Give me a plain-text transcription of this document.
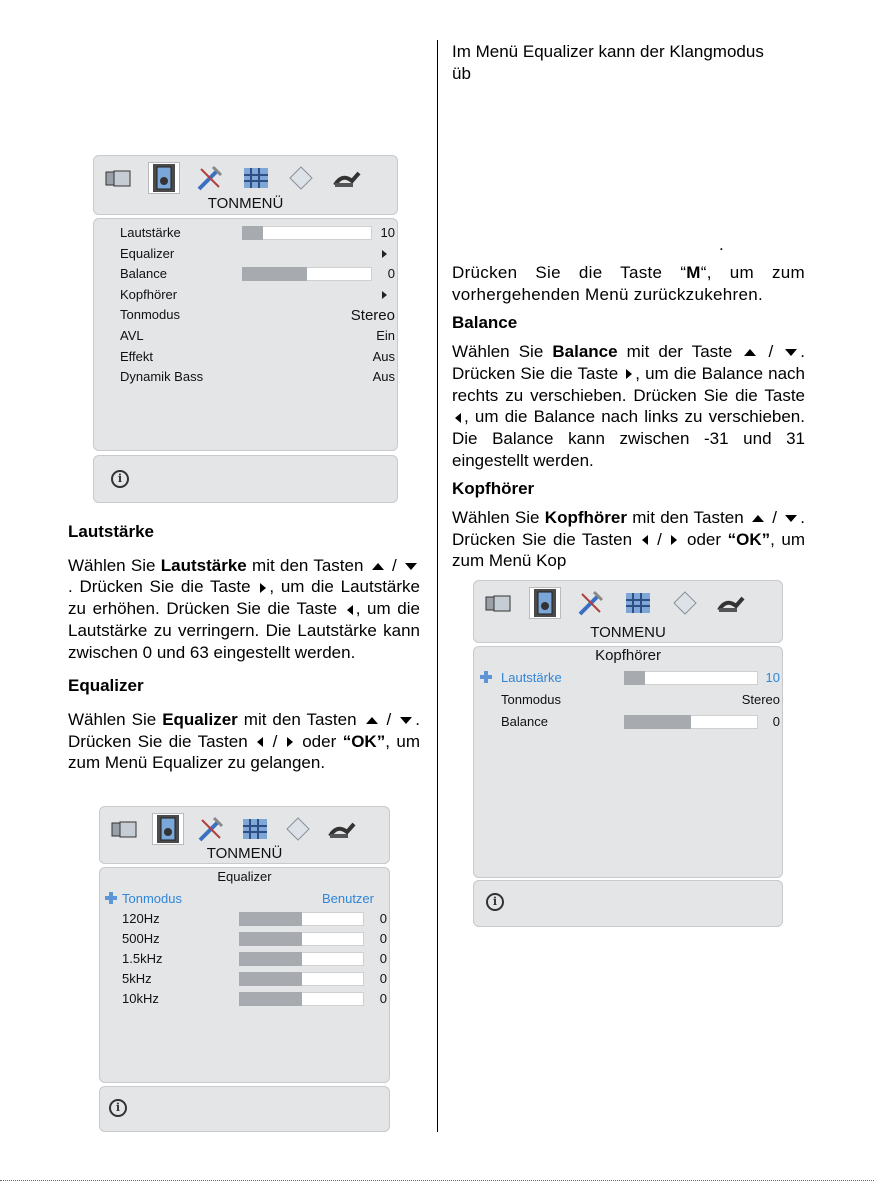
TONMENÜ
Lautstärke	10
Equalizer
Balance	0
Kopfhörer
Tonmodus	Stereo
AVL	Ein
Effekt	Aus
Dynamik Bass	Aus
i
Lautstärke

Wählen Sie Lautstärke mit den Tasten  / . Drücken Sie die Taste , um die Lautstärke zu erhöhen. Drücken Sie die Taste , um die Lautstärke zu verringern. Die Lautstärke kann zwischen 0 und 63 eingestellt werden.

Equalizer

Wählen Sie Equalizer mit den Tasten  / . Drücken Sie die Tasten  /  oder “OK”, um zum Menü Equalizer zu gelangen.

TONMENÜ
Equalizer
Tonmodus	Benutzer
120Hz	0
500Hz	0
1.5kHz	0
5kHz	0
10kHz	0
i

Im Menü Equalizer kann der Klangmodus

üb

.

Drücken Sie die Taste “M“, um zum vorhergehenden Menü zurückzukehren.

Balance

Wählen Sie Balance mit der Taste  / . Drücken Sie die Taste , um die Balance nach rechts zu verschieben. Drücken Sie die Taste , um die Balance nach links zu verschieben. Die Balance kann zwischen -31 und 31 eingestellt werden.

Kopfhörer

Wählen Sie Kopfhörer mit den Tasten  / . Drücken Sie die Tasten  /  oder “OK”, um zum Menü Kop

TONMENU
Kopfhörer
Lautstärke	10
Tonmodus	Stereo
Balance	0
i
